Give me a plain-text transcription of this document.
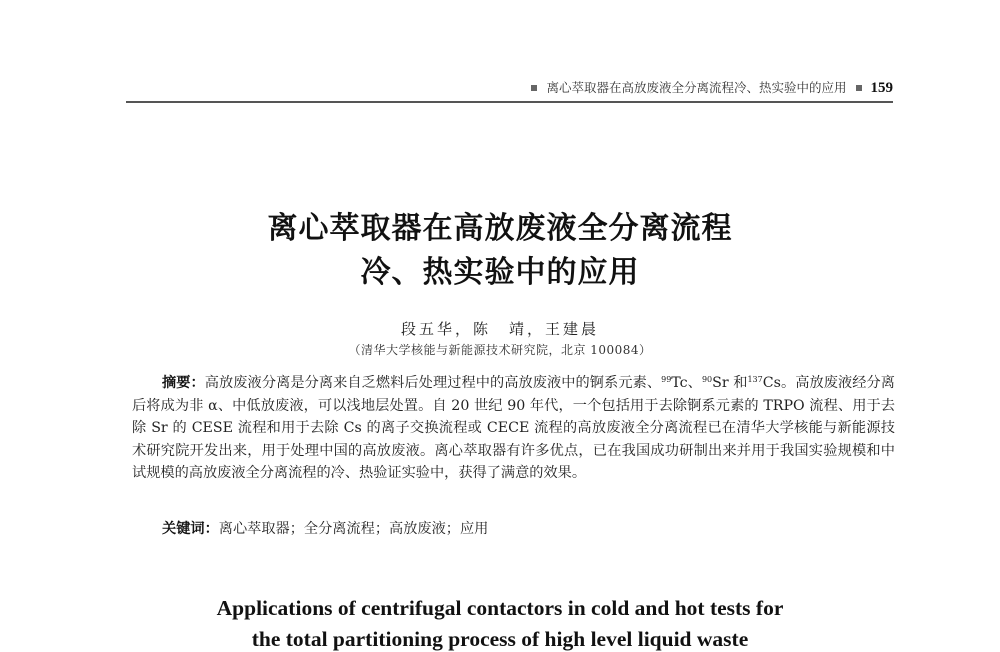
离心萃取器在高放废液全分离流程冷、热实验中的应用 159
离心萃取器在高放废液全分离流程
冷、热实验中的应用
段五华，陈　靖，王建晨
（清华大学核能与新能源技术研究院，北京 100084）
摘要：高放废液分离是分离来自乏燃料后处理过程中的高放废液中的锕系元素、$^{99}$Tc、$^{90}$Sr 和$^{137}$Cs。高放废液经分离后将成为非 α、中低放废液，可以浅地层处置。自 20 世纪 90 年代，一个包括用于去除锕系元素的 TRPO 流程、用于去除 Sr 的 CESE 流程和用于去除 Cs 的离子交换流程或 CECE 流程的高放废液全分离流程已在清华大学核能与新能源技术研究院开发出来，用于处理中国的高放废液。离心萃取器有许多优点，已在我国成功研制出来并用于我国实验规模和中试规模的高放废液全分离流程的冷、热验证实验中，获得了满意的效果。
关键词：离心萃取器；全分离流程；高放废液；应用
Applications of centrifugal contactors in cold and hot tests for
the total partitioning process of high level liquid waste
